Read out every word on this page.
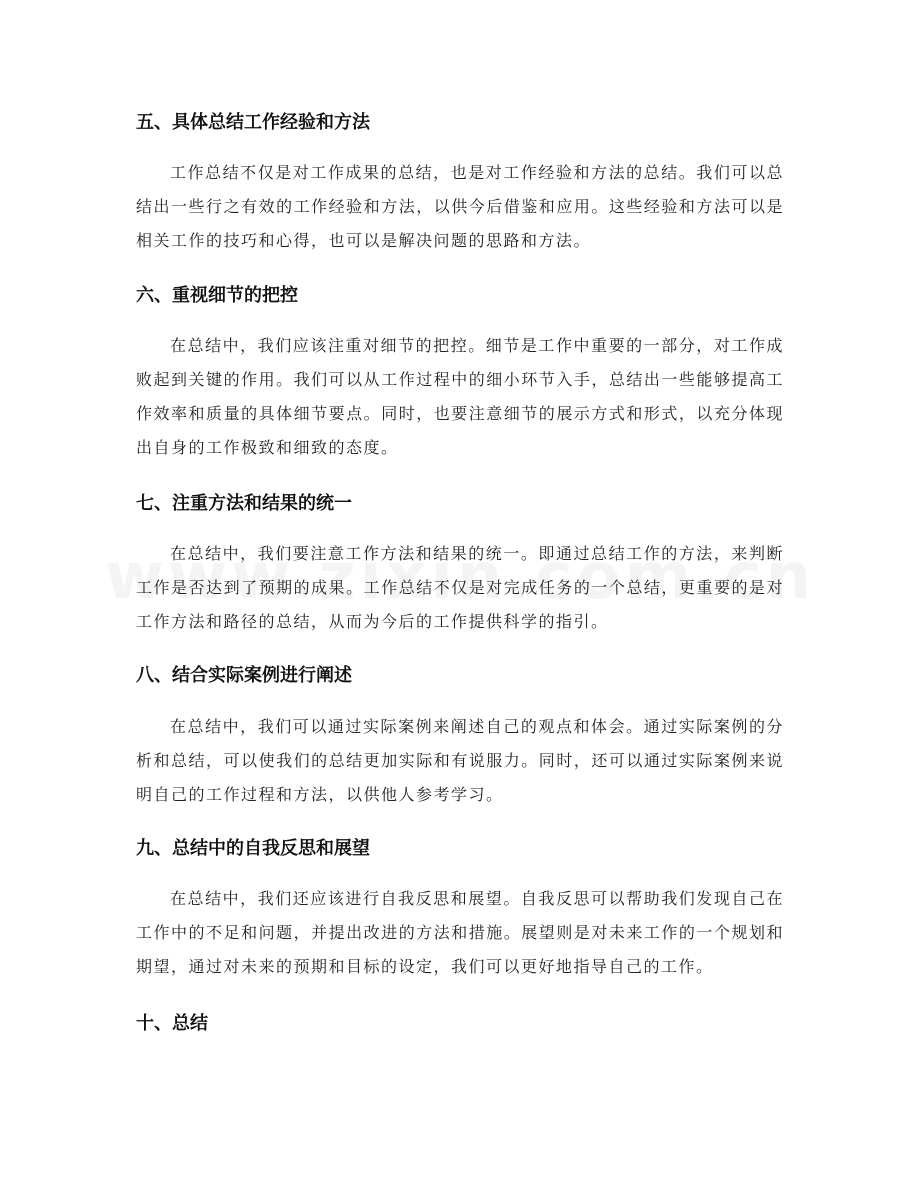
五、具体总结工作经验和方法
工作总结不仅是对工作成果的总结，也是对工作经验和方法的总结。我们可以总结出一些行之有效的工作经验和方法，以供今后借鉴和应用。这些经验和方法可以是相关工作的技巧和心得，也可以是解决问题的思路和方法。
六、重视细节的把控
在总结中，我们应该注重对细节的把控。细节是工作中重要的一部分，对工作成败起到关键的作用。我们可以从工作过程中的细小环节入手，总结出一些能够提高工作效率和质量的具体细节要点。同时，也要注意细节的展示方式和形式，以充分体现出自身的工作极致和细致的态度。
七、注重方法和结果的统一
在总结中，我们要注意工作方法和结果的统一。即通过总结工作的方法，来判断工作是否达到了预期的成果。工作总结不仅是对完成任务的一个总结，更重要的是对工作方法和路径的总结，从而为今后的工作提供科学的指引。
八、结合实际案例进行阐述
在总结中，我们可以通过实际案例来阐述自己的观点和体会。通过实际案例的分析和总结，可以使我们的总结更加实际和有说服力。同时，还可以通过实际案例来说明自己的工作过程和方法，以供他人参考学习。
九、总结中的自我反思和展望
在总结中，我们还应该进行自我反思和展望。自我反思可以帮助我们发现自己在工作中的不足和问题，并提出改进的方法和措施。展望则是对未来工作的一个规划和期望，通过对未来的预期和目标的设定，我们可以更好地指导自己的工作。
十、总结
